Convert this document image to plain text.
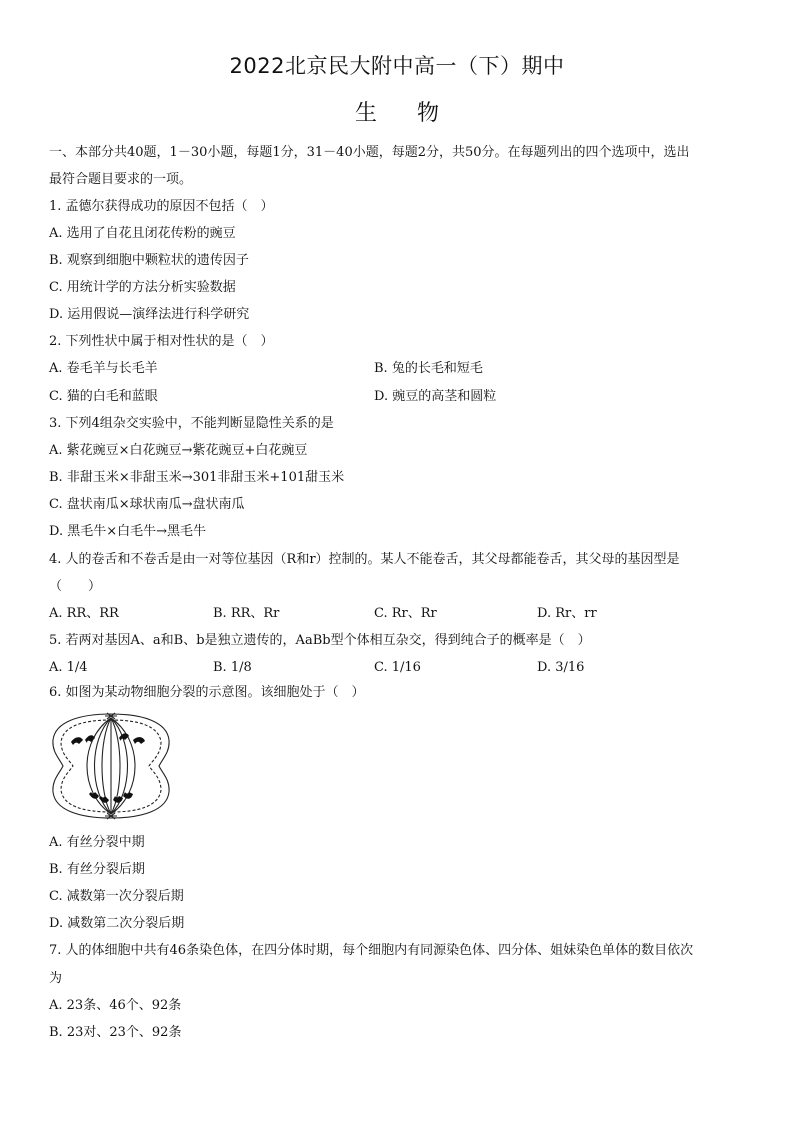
2022北京民大附中高一（下）期中
生物
一、本部分共40题，1－30小题，每题1分，31－40小题，每题2分，共50分。在每题列出的四个选项中，选出
最符合题目要求的一项。
1. 孟德尔获得成功的原因不包括（　）
A. 选用了自花且闭花传粉的豌豆
B. 观察到细胞中颗粒状的遗传因子
C. 用统计学的方法分析实验数据
D. 运用假说—演绎法进行科学研究
2. 下列性状中属于相对性状的是（　）
A. 卷毛羊与长毛羊	B. 兔的长毛和短毛
C. 猫的白毛和蓝眼	D. 豌豆的高茎和圆粒
3. 下列4组杂交实验中，不能判断显隐性关系的是
A. 紫花豌豆×白花豌豆→紫花豌豆+白花豌豆
B. 非甜玉米×非甜玉米→301非甜玉米+101甜玉米
C. 盘状南瓜×球状南瓜→盘状南瓜
D. 黑毛牛×白毛牛→黑毛牛
4. 人的卷舌和不卷舌是由一对等位基因（R和r）控制的。某人不能卷舌，其父母都能卷舌，其父母的基因型是
（　　）
A. RR、RR	B. RR、Rr	C. Rr、Rr	D. Rr、rr
5. 若两对基因A、a和B、b是独立遗传的，AaBb型个体相互杂交，得到纯合子的概率是（　）
A. 1/4	B. 1/8	C. 1/16	D. 3/16
6. 如图为某动物细胞分裂的示意图。该细胞处于（　）
A. 有丝分裂中期
B. 有丝分裂后期
C. 减数第一次分裂后期
D. 减数第二次分裂后期
7. 人的体细胞中共有46条染色体，在四分体时期，每个细胞内有同源染色体、四分体、姐妹染色单体的数目依次
为
A. 23条、46个、92条
B. 23对、23个、92条
